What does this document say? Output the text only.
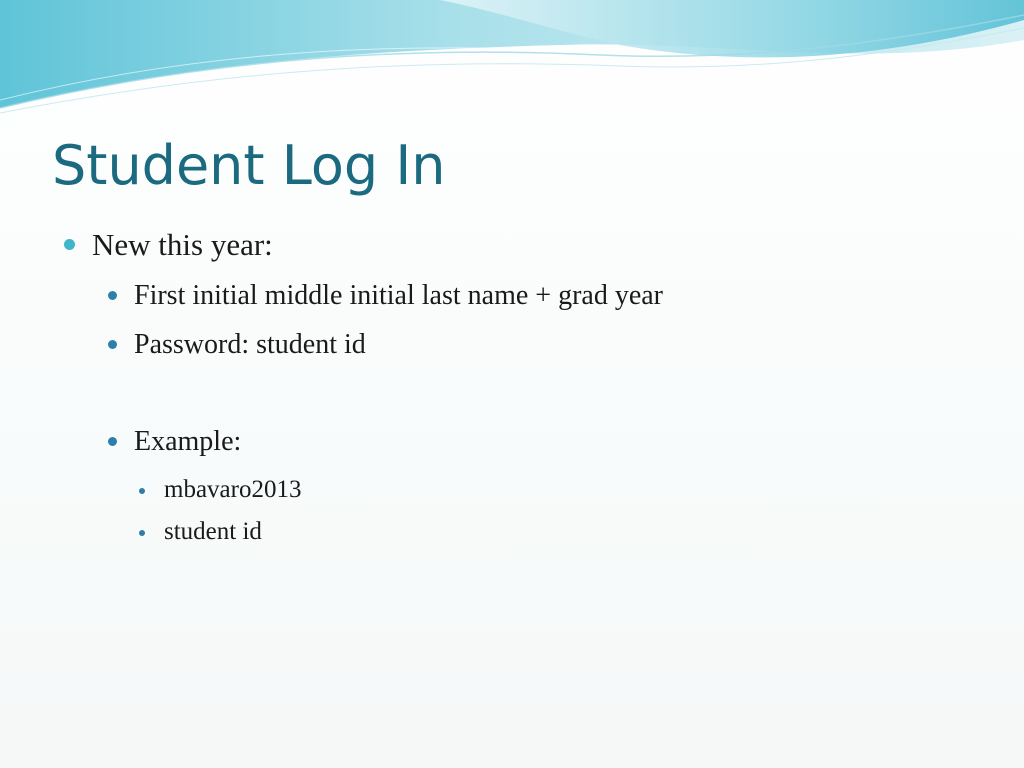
Student Log In
New this year:
First initial middle initial last name + grad year
Password: student id
Example:
mbavaro2013
student id
